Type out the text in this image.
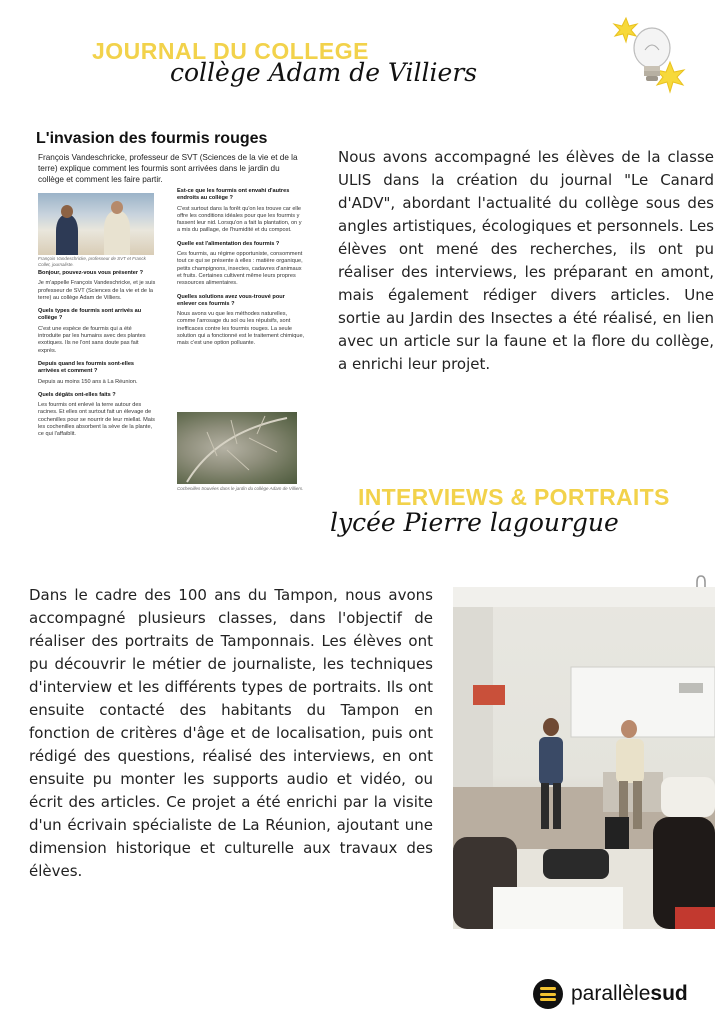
JOURNAL DU COLLEGE
collège Adam de Villiers
L'invasion des fourmis rouges
François Vandeschricke, professeur de SVT (Sciences de la vie et de la terre) explique comment les fourmis sont arrivées dans le jardin du collège et comment les faire partir.
François Vandeschricke, professeur de SVT et Franck Collet, journaliste.
Bonjour, pouvez-vous vous présenter ?

Je m'appelle François Vandeschricke, et je suis professeur de SVT (Sciences de la vie et de la terre) au collège Adam de Villiers.

Quels types de fourmis sont arrivés au collège ?

C'est une espèce de fourmis qui a été introduite par les humains avec des plantes exotiques. Ils ne l'ont sans doute pas fait exprès.

Depuis quand les fourmis sont-elles arrivées et comment ?

Depuis au moins 150 ans à La Réunion.

Quels dégâts ont-elles faits ?

Les fourmis ont enlevé la terre autour des racines. Et elles ont surtout fait un élevage de cochenilles pour se nourrir de leur miellat. Mais les cochenilles absorbent la sève de la plante, ce qui l'affaiblit.

Est-ce que les fourmis ont envahi d'autres endroits au collège ?

C'est surtout dans la forêt qu'on les trouve car elle offre les conditions idéales pour que les fourmis y fassent leur nid. Lorsqu'on a fait la plantation, on y a mis du paillage, de l'humidité et du compost.

Quelle est l'alimentation des fourmis ?

Ces fourmis, au régime opportuniste, consomment tout ce qui se présente à elles : matière organique, petits champignons, insectes, cadavres d'animaux et fruits. Certaines cultivent même leurs propres ressources alimentaires.

Quelles solutions avez vous-trouvé pour enlever ces fourmis ?

Nous avons vu que les méthodes naturelles, comme l'arrosage du sol ou les répulsifs, sont inefficaces contre les fourmis rouges. La seule solution qui a fonctionné est le traitement chimique, mais c'est une option polluante.

Cochenilles trouvées dans le jardin du collège Adam de Villiers.
Nous avons accompagné les élèves de la classe ULIS dans la création du journal "Le Canard d'ADV", abordant l'actualité du collège sous des angles artistiques, écologiques et personnels. Les élèves ont mené des recherches, ils ont pu réaliser des interviews, les préparant en amont, mais également rédiger divers articles. Une sortie au Jardin des Insectes a été réalisé, en lien avec un article sur la faune et la flore du collège, a enrichi leur projet.
INTERVIEWS & PORTRAITS
lycée Pierre lagourgue
Dans le cadre des 100 ans du Tampon, nous avons accompagné plusieurs classes, dans l'objectif de réaliser des portraits de Tamponnais. Les élèves ont pu découvrir le métier de journaliste, les techniques d'interview et les différents types de portraits. Ils ont ensuite contacté des habitants du Tampon en fonction de critères d'âge et de localisation, puis ont rédigé des questions, réalisé des interviews, en ont ensuite pu monter les supports audio et vidéo, ou écrit des articles. Ce projet a été enrichi par la visite d'un écrivain spécialiste de La Réunion, ajoutant une dimension historique et culturelle aux travaux des élèves.
parallèlesud
